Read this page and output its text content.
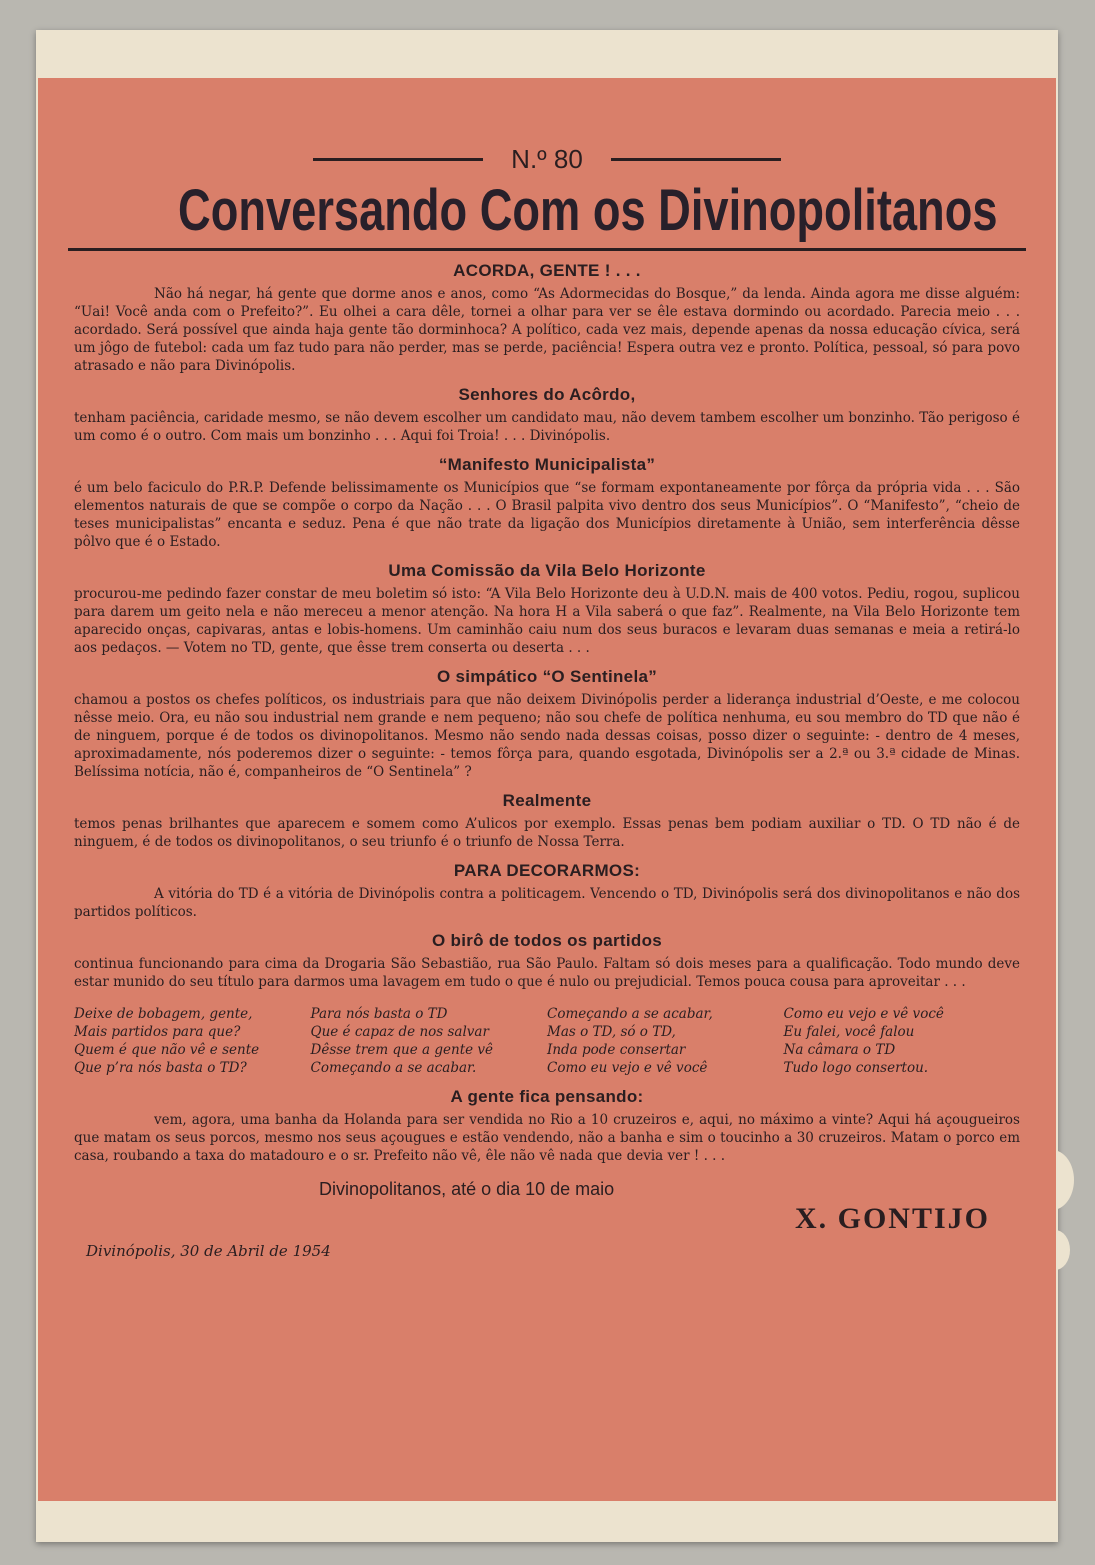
N.º 80
Conversando Com os Divinopolitanos
ACORDA, GENTE ! . . .

Não há negar, há gente que dorme anos e anos, como “As Adormecidas do Bosque,” da lenda. Ainda agora me disse alguém: “Uai! Você anda com o Prefeito?”. Eu olhei a cara dêle, tornei a olhar para ver se êle estava dormindo ou acordado. Parecia meio . . . acordado. Será possível que ainda haja gente tão dorminhoca? A político, cada vez mais, depende apenas da nossa educação cívica, será um jôgo de futebol: cada um faz tudo para não perder, mas se perde, paciência! Espera outra vez e pronto. Política, pessoal, só para povo atrasado e não para Divinópolis.

Senhores do Acôrdo,

tenham paciência, caridade mesmo, se não devem escolher um candidato mau, não devem tambem escolher um bonzinho. Tão perigoso é um como é o outro. Com mais um bonzinho . . . Aqui foi Troia! . . . Divinópolis.

“Manifesto Municipalista”

é um belo faciculo do P.R.P. Defende belissimamente os Municípios que “se formam expontaneamente por fôrça da própria vida . . . São elementos naturais de que se compõe o corpo da Nação . . . O Brasil palpita vivo dentro dos seus Municípios”. O “Manifesto”, “cheio de teses municipalistas” encanta e seduz. Pena é que não trate da ligação dos Municípios diretamente à União, sem interferência dêsse pôlvo que é o Estado.

Uma Comissão da Vila Belo Horizonte

procurou-me pedindo fazer constar de meu boletim só isto: “A Vila Belo Horizonte deu à U.D.N. mais de 400 votos. Pediu, rogou, suplicou para darem um geito nela e não mereceu a menor atenção. Na hora H a Vila saberá o que faz”. Realmente, na Vila Belo Horizonte tem aparecido onças, capivaras, antas e lobis-homens. Um caminhão caiu num dos seus buracos e levaram duas semanas e meia a retirá-lo aos pedaços. — Votem no TD, gente, que êsse trem conserta ou deserta . . .

O simpático “O Sentinela”

chamou a postos os chefes políticos, os industriais para que não deixem Divinópolis perder a liderança industrial d’Oeste, e me colocou nêsse meio. Ora, eu não sou industrial nem grande e nem pequeno; não sou chefe de política nenhuma, eu sou membro do TD que não é de ninguem, porque é de todos os divinopolitanos. Mesmo não sendo nada dessas coisas, posso dizer o seguinte: - dentro de 4 meses, aproximadamente, nós poderemos dizer o seguinte: - temos fôrça para, quando esgotada, Divinópolis ser a 2.ª ou 3.ª cidade de Minas. Belíssima notícia, não é, companheiros de “O Sentinela” ?

Realmente

temos penas brilhantes que aparecem e somem como A’ulicos por exemplo. Essas penas bem podiam auxiliar o TD. O TD não é de ninguem, é de todos os divinopolitanos, o seu triunfo é o triunfo de Nossa Terra.

PARA DECORARMOS:

A vitória do TD é a vitória de Divinópolis contra a politicagem. Vencendo o TD, Divinópolis será dos divinopolitanos e não dos partidos políticos.

O birô de todos os partidos

continua funcionando para cima da Drogaria São Sebastião, rua São Paulo. Faltam só dois meses para a qualificação. Todo mundo deve estar munido do seu título para darmos uma lavagem em tudo o que é nulo ou prejudicial. Temos pouca cousa para aproveitar . . .

Deixe de bobagem, gente,
Mais partidos para que?
Quem é que não vê e sente
Que p’ra nós basta o TD?
Para nós basta o TD
Que é capaz de nos salvar
Dêsse trem que a gente vê
Começando a se acabar.
Começando a se acabar,
Mas o TD, só o TD,
Inda pode consertar
Como eu vejo e vê você
Como eu vejo e vê você
Eu falei, você falou
Na câmara o TD
Tudo logo consertou.
A gente fica pensando:

vem, agora, uma banha da Holanda para ser vendida no Rio a 10 cruzeiros e, aqui, no máximo a vinte? Aqui há açougueiros que matam os seus porcos, mesmo nos seus açougues e estão vendendo, não a banha e sim o toucinho a 30 cruzeiros. Matam o porco em casa, roubando a taxa do matadouro e o sr. Prefeito não vê, êle não vê nada que devia ver ! . . .

Divinopolitanos, até o dia 10 de maio
X. GONTIJO
Divinópolis, 30 de Abril de 1954
